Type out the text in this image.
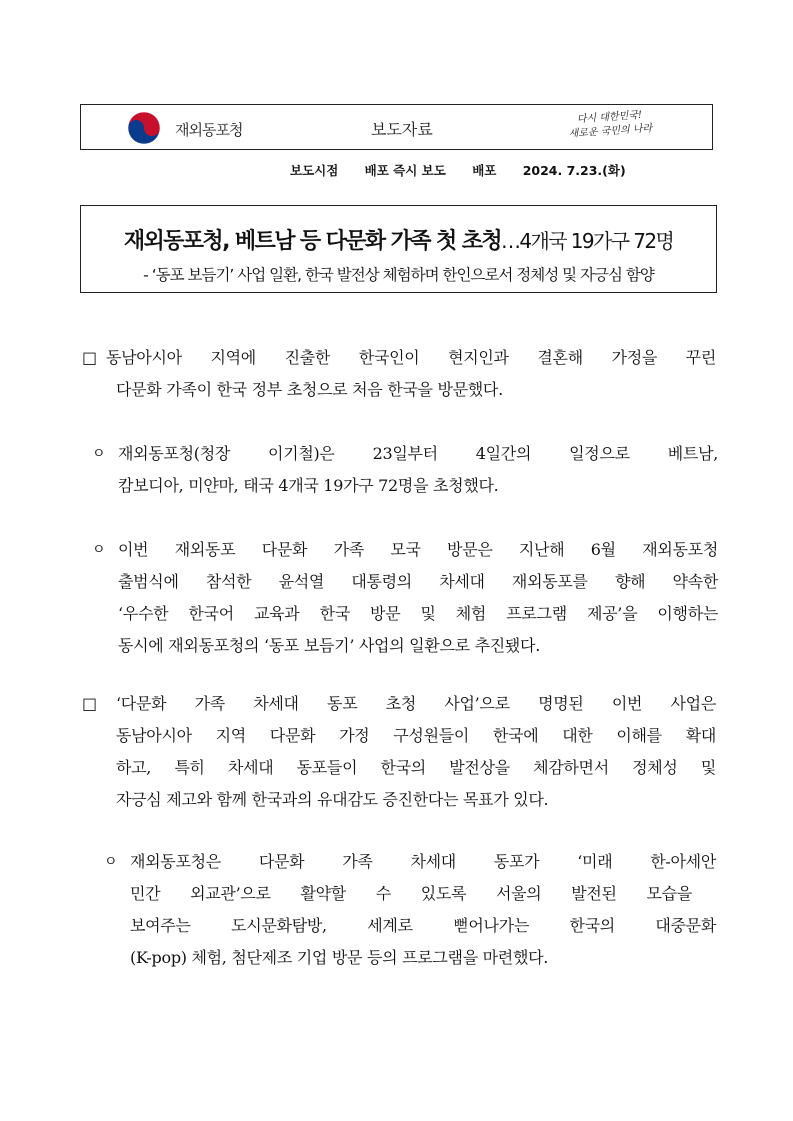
재외동포청	보도자료
다시 대한민국!
새로운 국민의 나라
보도시점 배포 즉시 보도 배포 2024. 7.23.(화)
재외동포청, 베트남 등 다문화 가족 첫 초청…4개국 19가구 72명
- ‘동포 보듬기’ 사업 일환, 한국 발전상 체험하며 한인으로서 정체성 및 자긍심 함양
□ 동남아시아 지역에 진출한 한국인이 현지인과 결혼해 가정을 꾸린
다문화 가족이 한국 정부 초청으로 처음 한국을 방문했다.
ㅇ 재외동포청(청장 이기철)은 23일부터 4일간의 일정으로 베트남,
캄보디아, 미얀마, 태국 4개국 19가구 72명을 초청했다.
ㅇ 이번 재외동포 다문화 가족 모국 방문은 지난해 6월 재외동포청
출범식에 참석한 윤석열 대통령의 차세대 재외동포를 향해 약속한
‘우수한 한국어 교육과 한국 방문 및 체험 프로그램 제공’을 이행하는
동시에 재외동포청의 ‘동포 보듬기’ 사업의 일환으로 추진됐다.
□ ‘다문화 가족 차세대 동포 초청 사업’으로 명명된 이번 사업은
동남아시아 지역 다문화 가정 구성원들이 한국에 대한 이해를 확대
하고, 특히 차세대 동포들이 한국의 발전상을 체감하면서 정체성 및
자긍심 제고와 함께 한국과의 유대감도 증진한다는 목표가 있다.
ㅇ 재외동포청은 다문화 가족 차세대 동포가 ‘미래 한-아세안
민간 외교관’으로 활약할 수 있도록 서울의 발전된 모습을
보여주는 도시문화탐방, 세계로 뻗어나가는 한국의 대중문화
(K-pop) 체험, 첨단제조 기업 방문 등의 프로그램을 마련했다.
